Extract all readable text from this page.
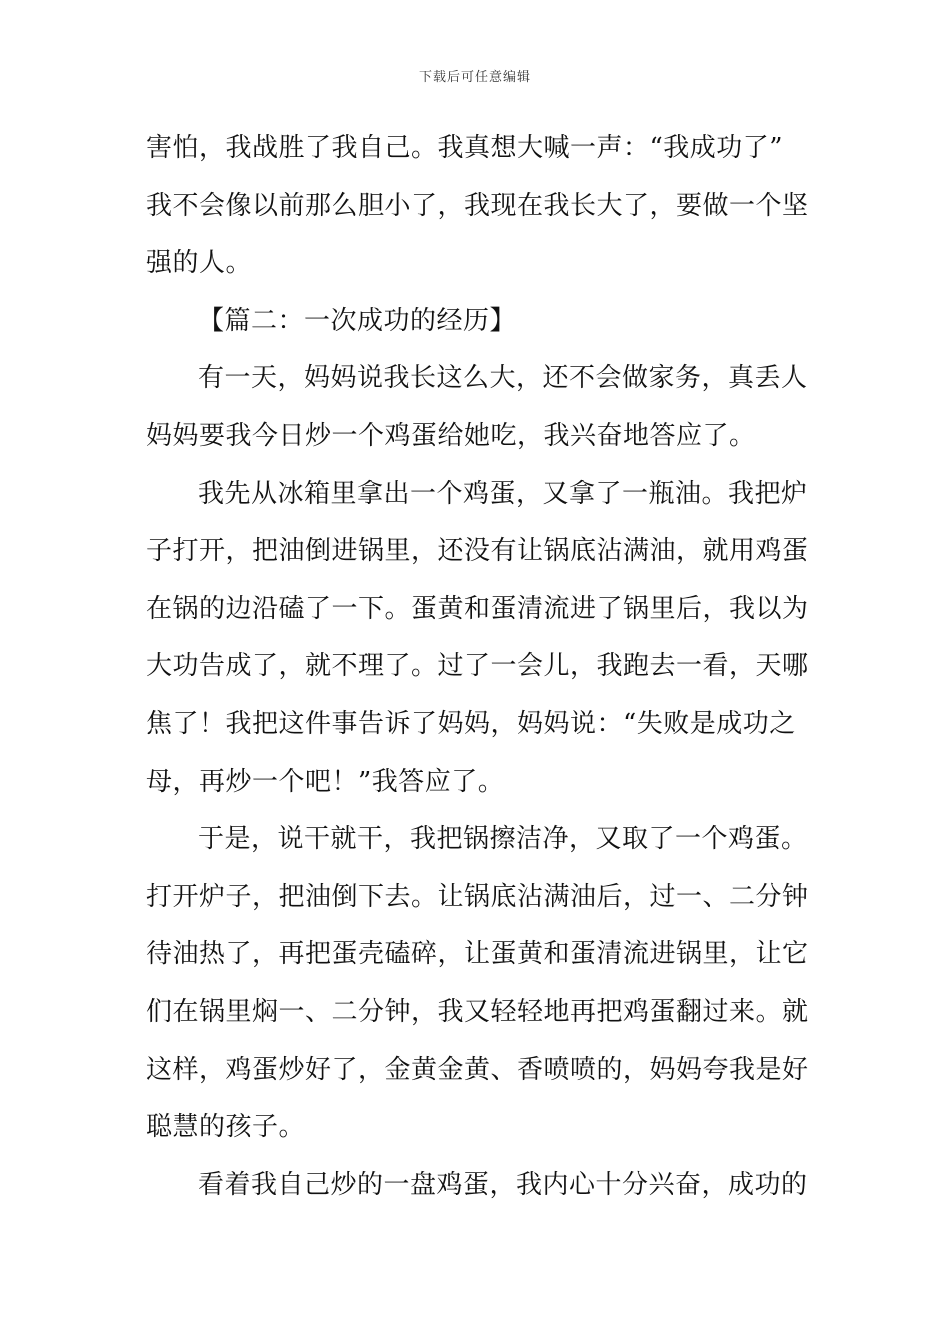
下载后可任意编辑
害怕，我战胜了我自己。我真想大喊一声：“我成功了”
我不会像以前那么胆小了，我现在我长大了，要做一个坚
强的人。
【篇二：一次成功的经历】
有一天，妈妈说我长这么大，还不会做家务，真丢人
妈妈要我今日炒一个鸡蛋给她吃，我兴奋地答应了。
我先从冰箱里拿出一个鸡蛋，又拿了一瓶油。我把炉
子打开，把油倒进锅里，还没有让锅底沾满油，就用鸡蛋
在锅的边沿磕了一下。蛋黄和蛋清流进了锅里后，我以为
大功告成了，就不理了。过了一会儿，我跑去一看，天哪
焦了！我把这件事告诉了妈妈，妈妈说：“失败是成功之
母，再炒一个吧！”我答应了。
于是，说干就干，我把锅擦洁净，又取了一个鸡蛋。
打开炉子，把油倒下去。让锅底沾满油后，过一、二分钟
待油热了，再把蛋壳磕碎，让蛋黄和蛋清流进锅里，让它
们在锅里焖一、二分钟，我又轻轻地再把鸡蛋翻过来。就
这样，鸡蛋炒好了，金黄金黄、香喷喷的，妈妈夸我是好
聪慧的孩子。
看着我自己炒的一盘鸡蛋，我内心十分兴奋，成功的
